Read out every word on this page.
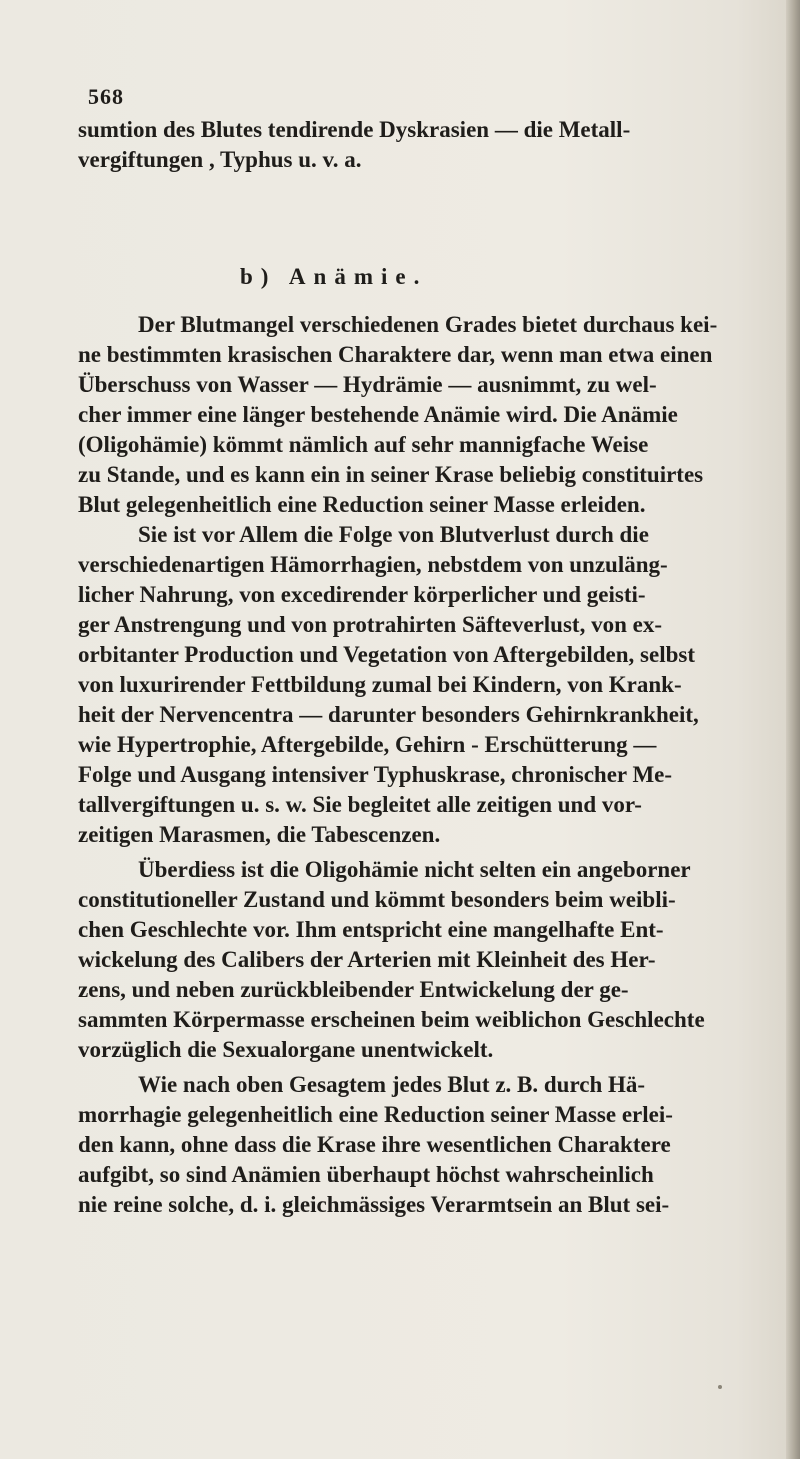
568
b) Anämie.
sumtion des Blutes tendirende Dyskrasien — die Metall-
vergiftungen , Typhus u. v. a.
Der Blutmangel verschiedenen Grades bietet durchaus kei-
ne bestimmten krasischen Charaktere dar, wenn man etwa einen
Überschuss von Wasser — Hydrämie — ausnimmt, zu wel-
cher immer eine länger bestehende Anämie wird. Die Anämie
(Oligohämie) kömmt nämlich auf sehr mannigfache Weise
zu Stande, und es kann ein in seiner Krase beliebig constituirtes
Blut gelegenheitlich eine Reduction seiner Masse erleiden.
Sie ist vor Allem die Folge von Blutverlust durch die
verschiedenartigen Hämorrhagien, nebstdem von unzuläng-
licher Nahrung, von excedirender körperlicher und geisti-
ger Anstrengung und von protrahirten Säfteverlust, von ex-
orbitanter Production und Vegetation von Aftergebilden, selbst
von luxurirender Fettbildung zumal bei Kindern, von Krank-
heit der Nervencentra — darunter besonders Gehirnkrankheit,
wie Hypertrophie, Aftergebilde, Gehirn - Erschütterung —
Folge und Ausgang intensiver Typhuskrase, chronischer Me-
tallvergiftungen u. s. w. Sie begleitet alle zeitigen und vor-
zeitigen Marasmen, die Tabescenzen.
Überdiess ist die Oligohämie nicht selten ein angeborner
constitutioneller Zustand und kömmt besonders beim weibli-
chen Geschlechte vor. Ihm entspricht eine mangelhafte Ent-
wickelung des Calibers der Arterien mit Kleinheit des Her-
zens, und neben zurückbleibender Entwickelung der ge-
sammten Körpermasse erscheinen beim weiblichon Geschlechte
vorzüglich die Sexualorgane unentwickelt.
Wie nach oben Gesagtem jedes Blut z. B. durch Hä-
morrhagie gelegenheitlich eine Reduction seiner Masse erlei-
den kann, ohne dass die Krase ihre wesentlichen Charaktere
aufgibt, so sind Anämien überhaupt höchst wahrscheinlich
nie reine solche, d. i. gleichmässiges Verarmtsein an Blut sei-
